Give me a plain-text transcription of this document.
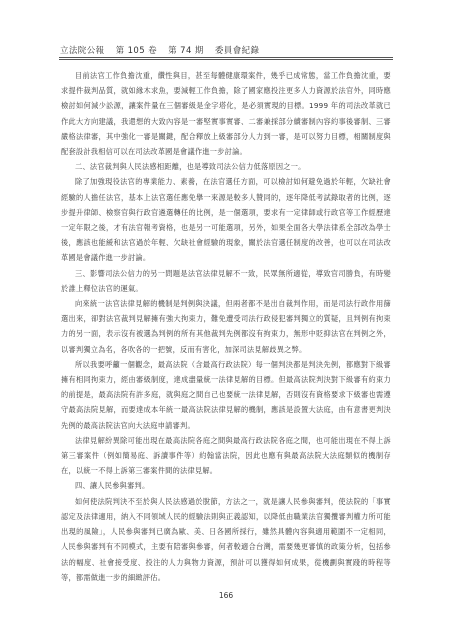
立法院公報 第 105 卷 第 74 期 委員會紀錄

目前法官工作負擔沈重，纘性與目，甚至每體健康環案件，幾乎已成常態，當工作負擔沈重，要求提件裁判品質，就如緣木求魚，要減輕工作負擔，除了國家應投注更多人力資源於法官外，同時應檢討如何減少訟源，讓案件量在三個審級是金字塔化，是必須實現的目標。1999 年的司法改革就已作此大方向建議，我還想的大致內容是一審堅實事實審、二審兼採部分續審制內容約事後審制、三審嚴格法律審，其中強化一審是關鍵，配合釋放上級審部分人力到一審，是可以努力目標，相關制度與配套設計我相信可以在司法改革國是會議作進一步討論。

二、法官裁判與人民法感相距離，也是導致司法公信力低落原因之一。

除了加強現役法官的專業能力、素養，在法官選任方面，可以檢討如何避免過於年輕，欠缺社會經驗的人擔任法官，基本上法官選任應免擧一來源是較多人贊同的，逐年降低考試錄取者的比例，逐步提升律師、檢察官與行政官遴選轉任的比例，是一個選項，要求有一定律師或行政官等工作經歷達一定年限之後，才有法官報考資格，也是另一可能選項，另外，如果全面各大學法律系全部改為學士後，應該也能緩和法官過於年輕、欠缺社會經驗的現象，關於法官選任制度的改善，也可以在司法改革國是會議作進一步討論。

三、影響司法公信力的另一問題是法官法律見解不一致，民眾無所適從，導致官司勝負，有時變於誰上釋位法官的運氣。

向來統一法官法律見解的機制是判例與決議，但兩者都不是出自裁判作用，而是司法行政作用篩選出來，卻對法官裁判見解擁有強大拘束力，難免遭受司法行政侵犯審判獨立的質疑，且判例有拘束力的另一面，表示沒有被選為判例的所有其他裁判先例都沒有拘束力，無形中貶抑法官在判例之外，以審判獨立為名，各吹各的一把號，反而有害化，加深司法見解歧異之弊。

所以我要呼籲一個觀念，最高法院（含最高行政法院）每一個判決都是判決先例，都應對下級審擁有相同拘束力，經由審級制度，達成盡量統一法律見解的目標。但最高法院判決對下級審有約束力的前提是，最高法院有許多庭，就與庭之間自己也要統一法律見解，否則沒有資格要求下級審也需遵守最高法院見解，而要達成本年統一最高法院法律見解的機制，應該是設置大法庭，由有意書更判決先例的最高法院法官向大法庭申請審判。

法律見解紛異除可能出現在最高法院各庭之間與最高行政法院各庭之間，也可能出現在不得上訴第三審案件（例如簡易庭、訴讀事件等）約翰當法院，因此也應有與最高法院大法庭類似的機制存在，以統一不得上訴第三審案件間的法律見解。

四、讓人民參與審判。

如何使法院判決不至於與人民法感過於脫節，方法之一，就是讓人民參與審判，使法院的「事實認定及法律適用，納入不同領域人民的經驗法則與正義認知，以降低由職業法官獨攬審判權力所可能出現的風險」，人民參與審判已廣為歐、美、日各國所採行，雖然具體內容與適用範圍不一定相同，人民參與審判有不同模式，主要有陪審與參審，何者較適合台灣，需要幾更審慎的政策分析，包括參法的幅度、社會接受度、投注的人力與物力資源，預計可以獲得如何成果，從機劃與實踐的時程等等，都需做進一步的細緻評估。

166
